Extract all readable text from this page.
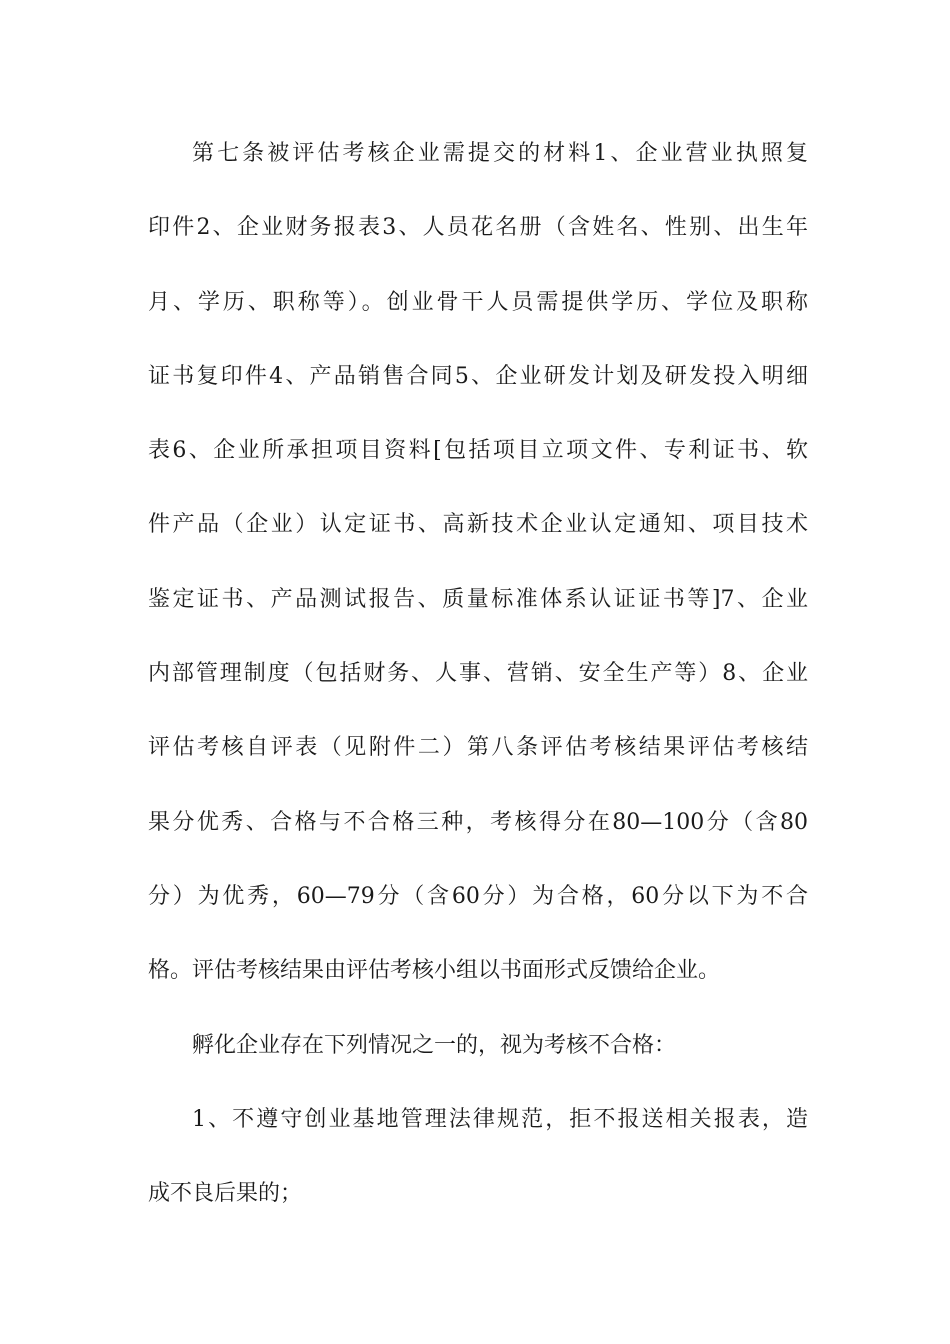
第七条被评估考核企业需提交的材料1、企业营业执照复
印件2、企业财务报表3、人员花名册（含姓名、性别、出生年
月、学历、职称等）。创业骨干人员需提供学历、学位及职称
证书复印件4、产品销售合同5、企业研发计划及研发投入明细
表6、企业所承担项目资料[包括项目立项文件、专利证书、软
件产品（企业）认定证书、高新技术企业认定通知、项目技术
鉴定证书、产品测试报告、质量标准体系认证证书等]7、企业
内部管理制度（包括财务、人事、营销、安全生产等）8、企业
评估考核自评表（见附件二）第八条评估考核结果评估考核结
果分优秀、合格与不合格三种，考核得分在80—100分（含80
分）为优秀，60—79分（含60分）为合格，60分以下为不合
格。评估考核结果由评估考核小组以书面形式反馈给企业。
孵化企业存在下列情况之一的，视为考核不合格：
1、不遵守创业基地管理法律规范，拒不报送相关报表，造
成不良后果的；
